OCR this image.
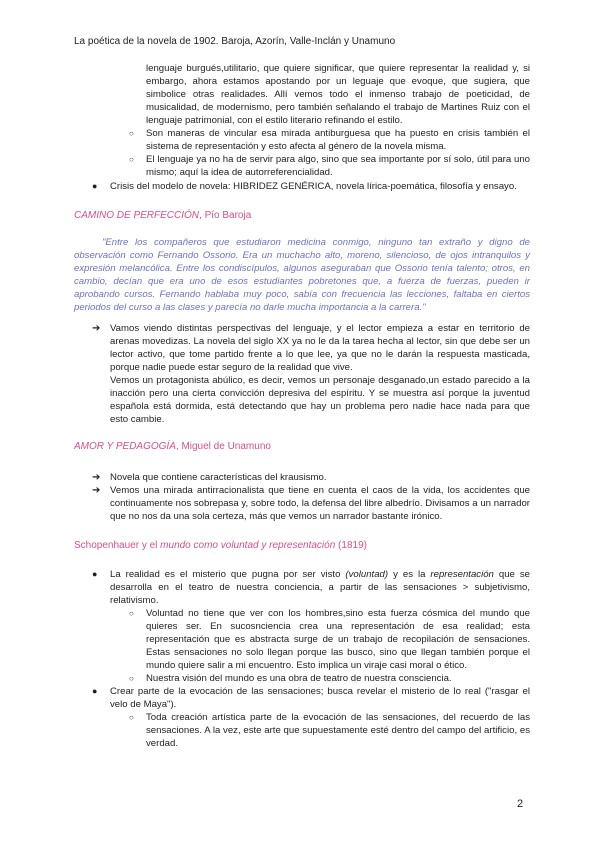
La poética de la novela de 1902. Baroja, Azorín, Valle-Inclán y Unamuno

lenguaje burgués,utilitario, que quiere significar, que quiere representar la realidad y, si embargo, ahora estamos apostando por un leguaje que evoque, que sugiera, que simbolice otras realidades. Allí vemos todo el inmenso trabajo de poeticidad, de musicalidad, de modernismo, pero también señalando el trabajo de Martines Ruiz con el lenguaje patrimonial, con el estilo literario refinando el estilo.

○ Son maneras de vincular esa mirada antiburguesa que ha puesto en crisis también el sistema de representación y esto afecta al género de la novela misma.
○ El lenguaje ya no ha de servir para algo, sino que sea importante por sí solo, útil para uno mismo; aquí la idea de autorreferencialidad.
● Crisis del modelo de novela: HIBRIDEZ GENÉRICA, novela lírica-poemática, filosofía y ensayo.

CAMINO DE PERFECCIÓN, Pío Baroja

"Entre los compañeros que estudiaron medicina conmigo, ninguno tan extraño y digno de observación como Fernando Ossorio. Era un muchacho alto, moreno, silencioso, de ojos intranquilos y expresión melancólica. Entre los condiscípulos, algunos aseguraban que Ossorio tenía talento; otros, en cambio, decían que era uno de esos estudiantes pobretones que, a fuerza de fuerzas, pueden ir aprobando cursos. Fernando hablaba muy poco, sabía con frecuencia las lecciones, faltaba en ciertos periodos del curso a las clases y parecía no darle mucha importancia a la carrera."

➔ Vamos viendo distintas perspectivas del lenguaje, y el lector empieza a estar en territorio de arenas movedizas. La novela del siglo XX ya no le da la tarea hecha al lector, sin que debe ser un lector activo, que tome partido frente a lo que lee, ya que no le darán la respuesta masticada, porque nadie puede estar seguro de la realidad que vive.

Vemos un protagonista abúlico, es decir, vemos un personaje desganado,un estado parecido a la inacción pero una cierta convicción depresiva del espíritu. Y se muestra así porque la juventud española está dormida, está detectando que hay un problema pero nadie hace nada para que esto cambie.

AMOR Y PEDAGOGÍA, Miguel de Unamuno

➔ Novela que contiene características del krausismo.
➔ Vemos una mirada antirracionalista que tiene en cuenta el caos de la vida, los accidentes que continuamente nos sobrepasa y, sobre todo, la defensa del libre albedrío. Divisamos a un narrador que no nos da una sola certeza, más que vemos un narrador bastante irónico.

Schopenhauer y el mundo como voluntad y representación (1819)

● La realidad es el misterio que pugna por ser visto (voluntad) y es la representación que se desarrolla en el teatro de nuestra conciencia, a partir de las sensaciones > subjetivismo, relativismo.
○ Voluntad no tiene que ver con los hombres,sino esta fuerza cósmica del mundo que quieres ser. En sucosnciencia crea una representación de esa realidad; esta representación que es abstracta surge de un trabajo de recopilación de sensaciones. Estas sensaciones no solo llegan porque las busco, sino que llegan también porque el mundo quiere salir a mi encuentro. Esto implica un viraje casi moral o ético.
○ Nuestra visión del mundo es una obra de teatro de nuestra consciencia.
● Crear parte de la evocación de las sensaciones; busca revelar el misterio de lo real ("rasgar el velo de Maya").
○ Toda creación artística parte de la evocación de las sensaciones, del recuerdo de las sensaciones. A la vez, este arte que supuestamente esté dentro del campo del artificio, es verdad.
2
